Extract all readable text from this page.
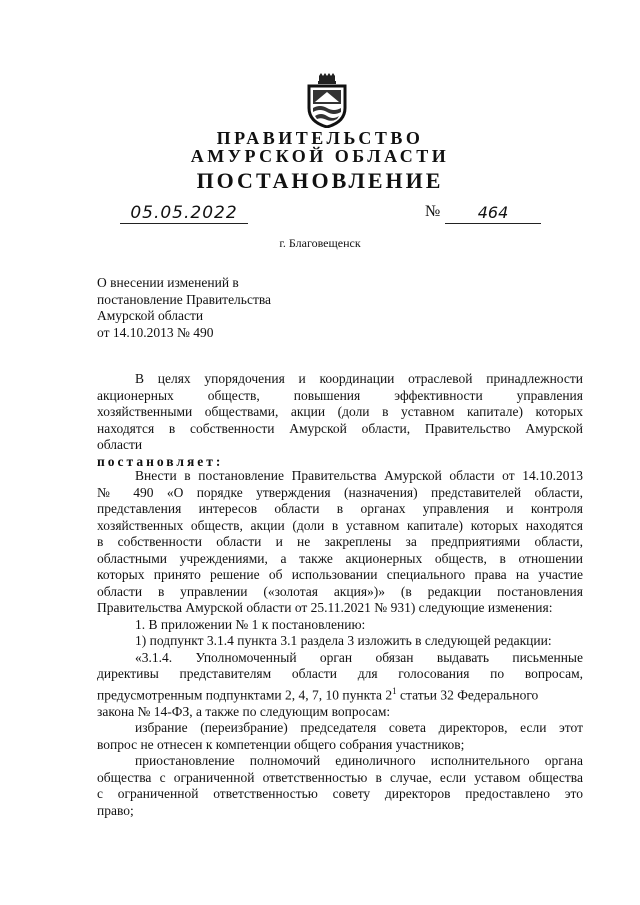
ПРАВИТЕЛЬСТВО
АМУРСКОЙ ОБЛАСТИ
ПОСТАНОВЛЕНИЕ
05.05.2022	№	464
г. Благовещенск
О внесении изменений в
постановление Правительства
Амурской области
от 14.10.2013 № 490
В целях упорядочения и координации отраслевой принадлежности
акционерных обществ, повышения эффективности управления
хозяйственными обществами, акции (доли в уставном капитале) которых
находятся в собственности Амурской области, Правительство Амурской
области
постановляет:
Внести в постановление Правительства Амурской области от 14.10.2013
№ 490 «О порядке утверждения (назначения) представителей области,
представления интересов области в органах управления и контроля
хозяйственных обществ, акции (доли в уставном капитале) которых находятся
в собственности области и не закреплены за предприятиями области,
областными учреждениями, а также акционерных обществ, в отношении
которых принято решение об использовании специального права на участие
области в управлении («золотая акция»)» (в редакции постановления
Правительства Амурской области от 25.11.2021 № 931) следующие изменения:
1. В приложении № 1 к постановлению:
1) подпункт 3.1.4 пункта 3.1 раздела 3 изложить в следующей редакции:
«3.1.4. Уполномоченный орган обязан выдавать письменные
директивы представителям области для голосования по вопросам,
предусмотренным подпунктами 2, 4, 7, 10 пункта $2^1$ статьи 32 Федерального
закона № 14-ФЗ, а также по следующим вопросам:
избрание (переизбрание) председателя совета директоров, если этот
вопрос не отнесен к компетенции общего собрания участников;
приостановление полномочий единоличного исполнительного органа
общества с ограниченной ответственностью в случае, если уставом общества
с ограниченной ответственностью совету директоров предоставлено это
право;
